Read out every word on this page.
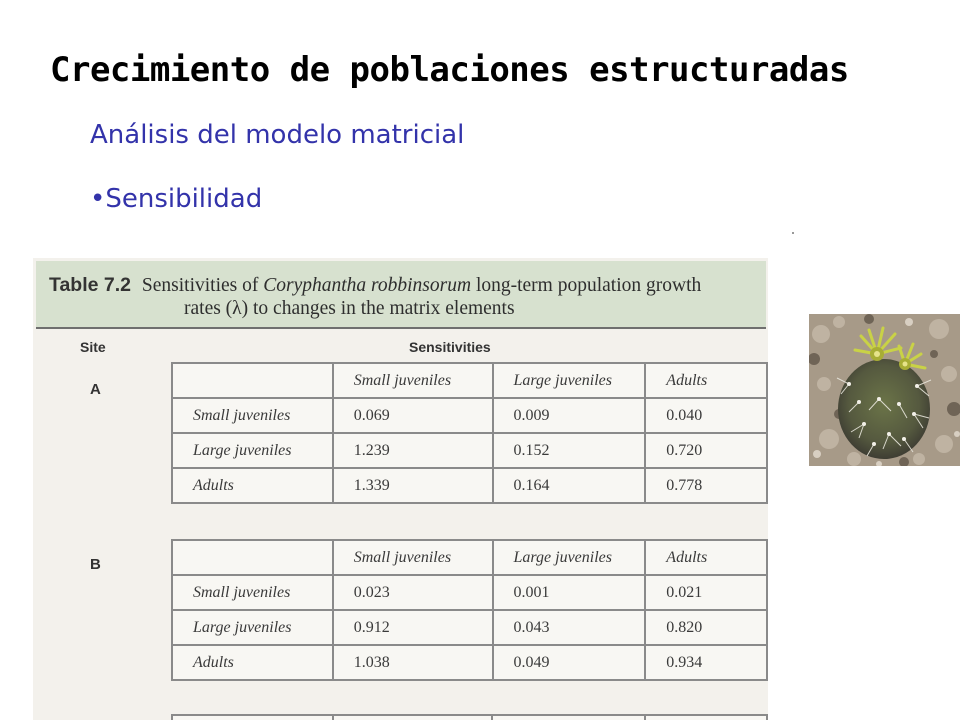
Crecimiento de poblaciones estructuradas
Análisis del modelo matricial
•Sensibilidad
Table 7.2 Sensitivities of Coryphantha robbinsorum long-term population growth
rates (λ) to changes in the matrix elements
Site	Sensitivities
A
	Small juveniles	Large juveniles	Adults
Small juveniles	0.069	0.009	0.040
Large juveniles	1.239	0.152	0.720
Adults	1.339	0.164	0.778
B
		Small juveniles	Large juveniles	Adults
Small juveniles	0.023	0.001	0.021
Large juveniles	0.912	0.043	0.820
Adults	1.038	0.049	0.934
